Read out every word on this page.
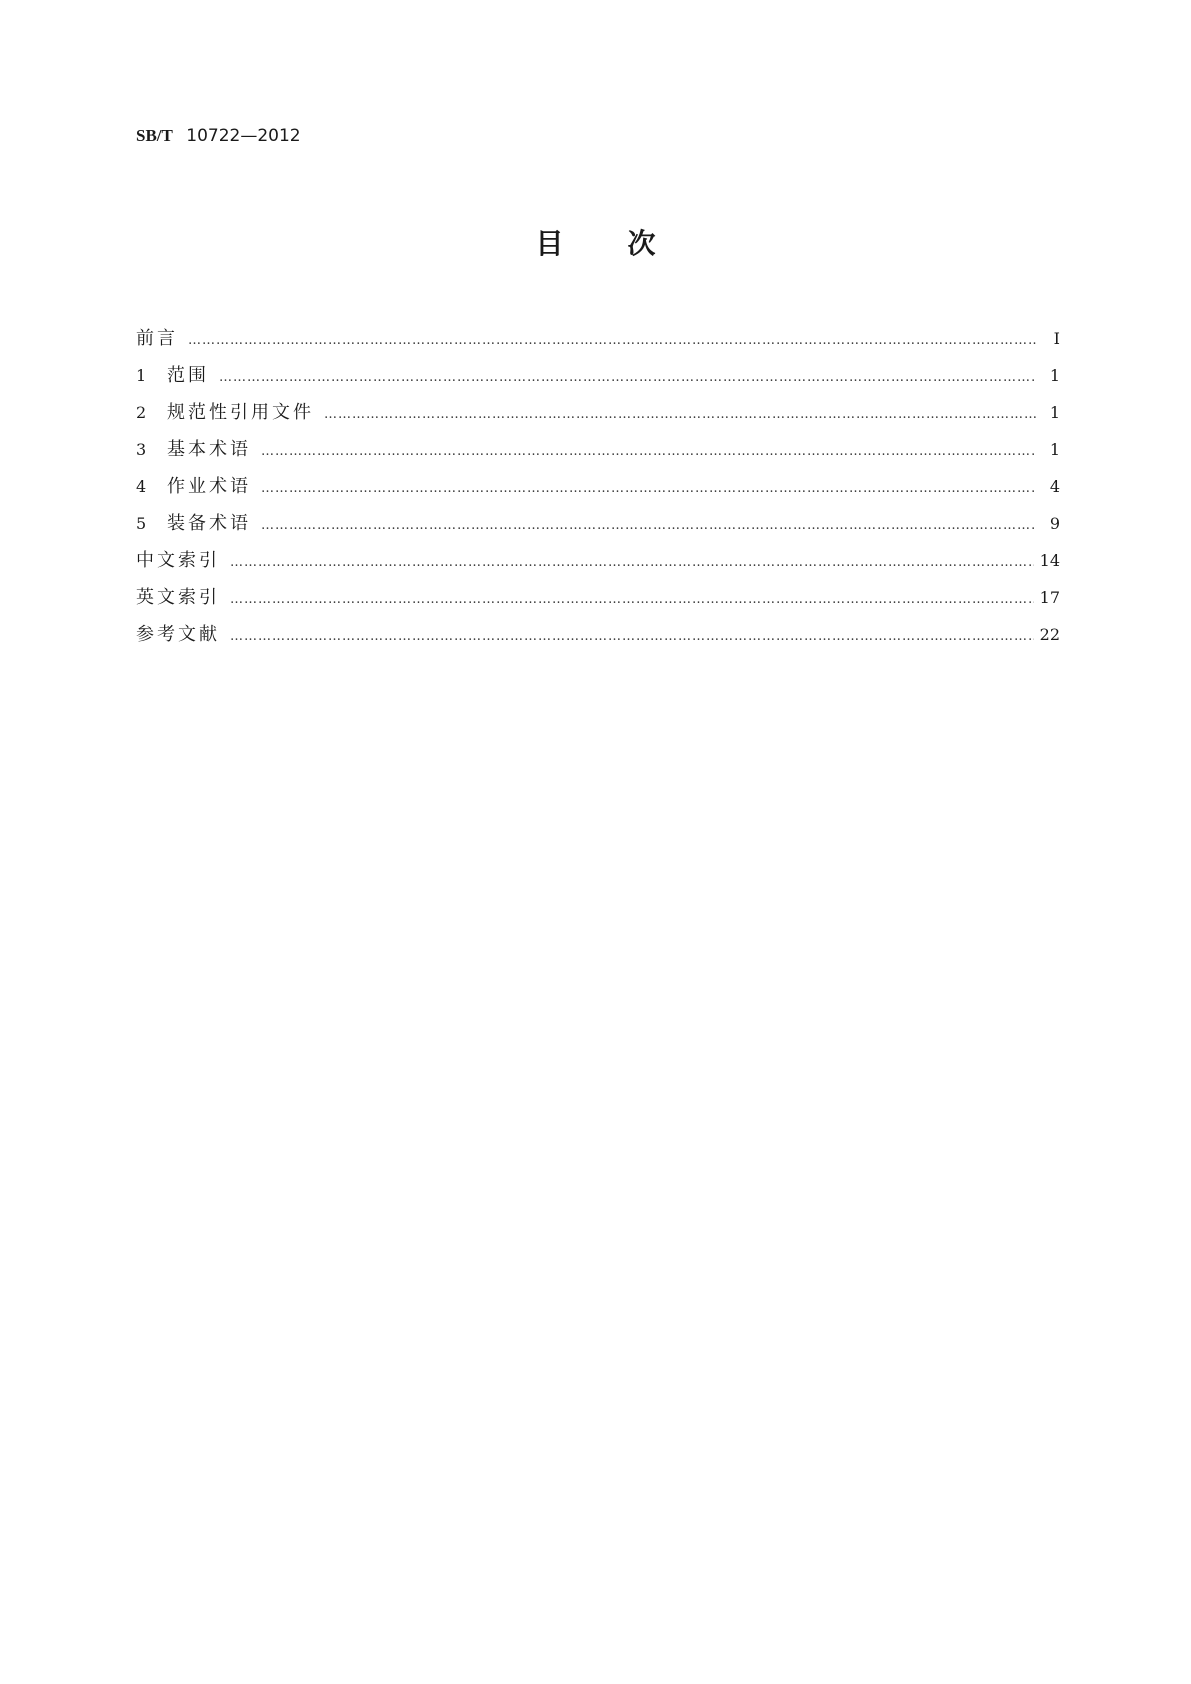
SB/T 10722—2012
目次
前言 ……………………………………………………………………………………………………………………………………………………………………………………………………………………………	Ⅰ
1	范围 ……………………………………………………………………………………………………………………………………………………………………………………………………………………………	1
2	规范性引用文件 ……………………………………………………………………………………………………………………………………………………………………………………………………………………………	1
3	基本术语 ……………………………………………………………………………………………………………………………………………………………………………………………………………………………	1
4	作业术语 ……………………………………………………………………………………………………………………………………………………………………………………………………………………………	4
5	装备术语 ……………………………………………………………………………………………………………………………………………………………………………………………………………………………	9
中文索引 ……………………………………………………………………………………………………………………………………………………………………………………………………………………………	14
英文索引 ……………………………………………………………………………………………………………………………………………………………………………………………………………………………	17
参考文献 ……………………………………………………………………………………………………………………………………………………………………………………………………………………………	22
